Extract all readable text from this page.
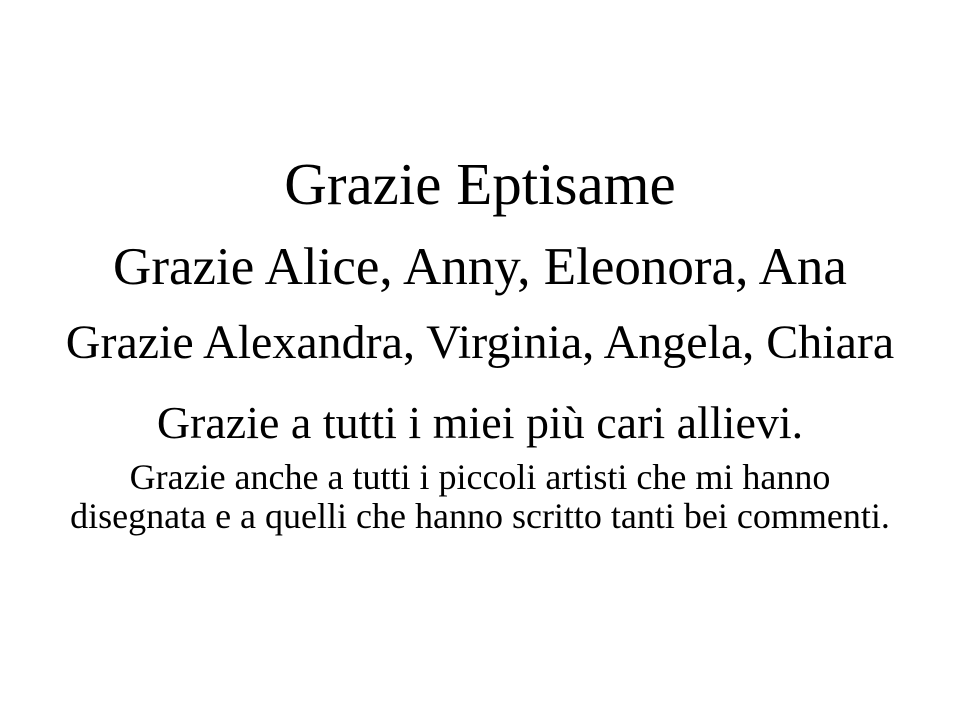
Grazie Eptisame
Grazie Alice, Anny, Eleonora, Ana
Grazie Alexandra, Virginia, Angela, Chiara
Grazie a tutti i miei più cari allievi.
Grazie anche a tutti i piccoli artisti che mi hanno disegnata e a quelli che hanno scritto tanti bei commenti.
